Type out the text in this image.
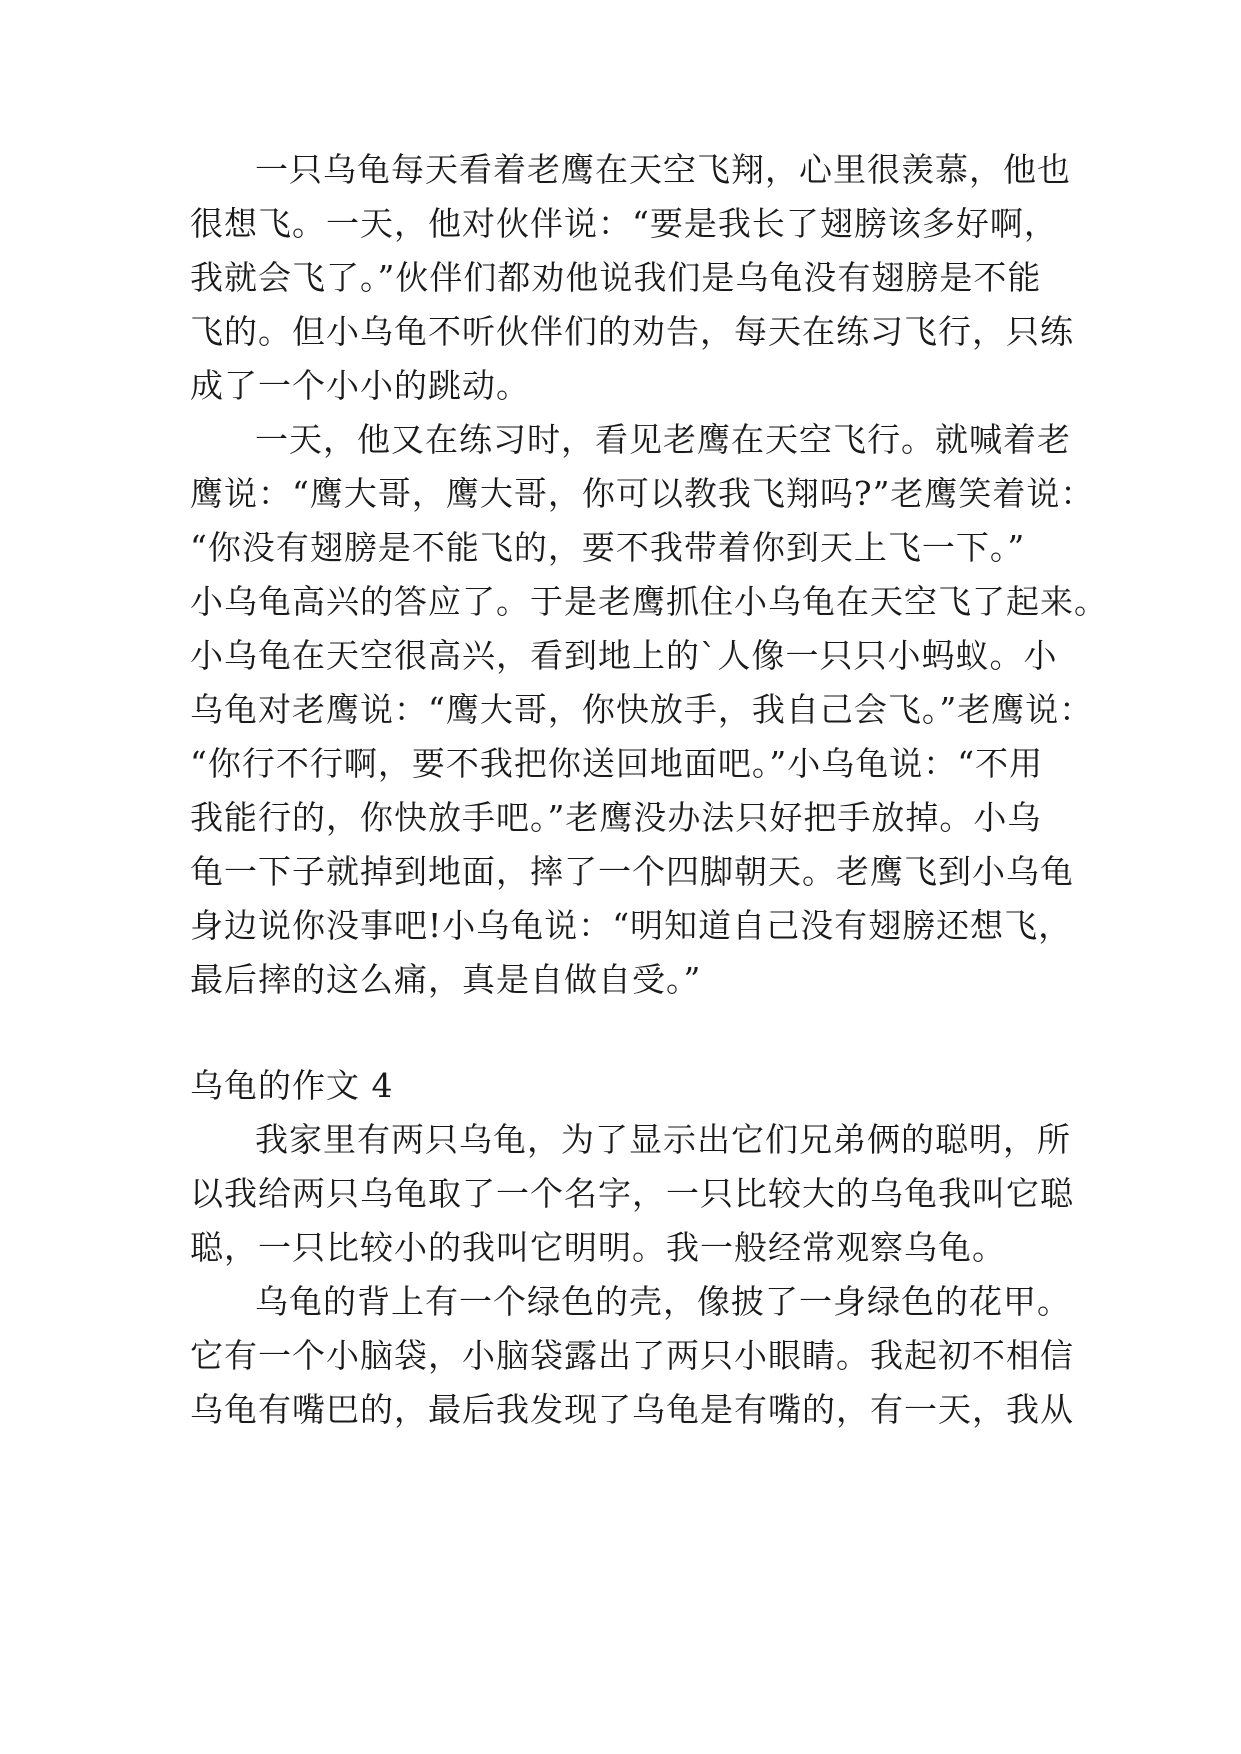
一只乌龟每天看着老鹰在天空飞翔，心里很羡慕，他也
很想飞。一天，他对伙伴说：“要是我长了翅膀该多好啊，
我就会飞了。”伙伴们都劝他说我们是乌龟没有翅膀是不能
飞的。但小乌龟不听伙伴们的劝告，每天在练习飞行，只练
成了一个小小的跳动。
一天，他又在练习时，看见老鹰在天空飞行。就喊着老
鹰说：“鹰大哥，鹰大哥，你可以教我飞翔吗?”老鹰笑着说：
“你没有翅膀是不能飞的，要不我带着你到天上飞一下。”
小乌龟高兴的答应了。于是老鹰抓住小乌龟在天空飞了起来。
小乌龟在天空很高兴，看到地上的`人像一只只小蚂蚁。小
乌龟对老鹰说：“鹰大哥，你快放手，我自己会飞。”老鹰说：
“你行不行啊，要不我把你送回地面吧。”小乌龟说：“不用
我能行的，你快放手吧。”老鹰没办法只好把手放掉。小乌
龟一下子就掉到地面，摔了一个四脚朝天。老鹰飞到小乌龟
身边说你没事吧!小乌龟说：“明知道自己没有翅膀还想飞，
最后摔的这么痛，真是自做自受。”
乌龟的作文 4
我家里有两只乌龟，为了显示出它们兄弟俩的聪明，所
以我给两只乌龟取了一个名字，一只比较大的乌龟我叫它聪
聪，一只比较小的我叫它明明。我一般经常观察乌龟。
乌龟的背上有一个绿色的壳，像披了一身绿色的花甲。
它有一个小脑袋，小脑袋露出了两只小眼睛。我起初不相信
乌龟有嘴巴的，最后我发现了乌龟是有嘴的，有一天，我从
